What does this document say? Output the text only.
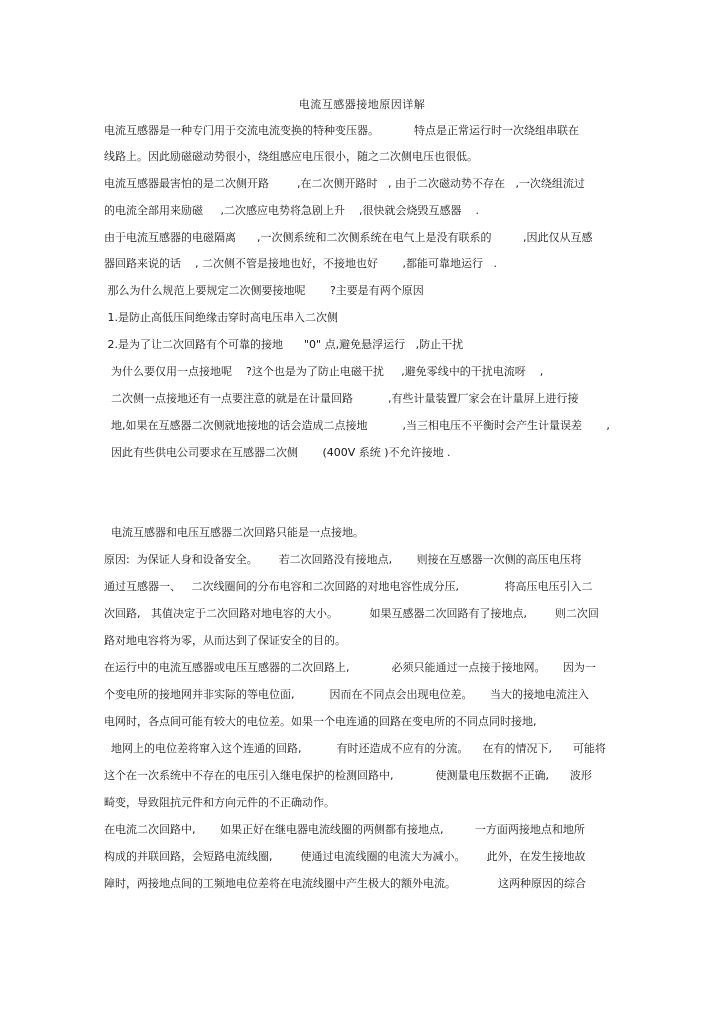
电流互感器接地原因详解
电流互感器是一种专门用于交流电流变换的特种变压器。          特点是正常运行时一次绕组串联在
线路上。因此励磁磁动势很小，绕组感应电压很小，随之二次侧电压也很低。
电流互感器最害怕的是二次侧开路        ,在二次侧开路时   , 由于二次磁动势不存在   ,一次绕组流过
的电流全部用来励磁     ,二次感应电势将急剧上升    ,很快就会烧毁互感器    .
由于电流互感器的电磁隔离      ,一次侧系统和二次侧系统在电气上是没有联系的         ,因此仅从互感
器回路来说的话    , 二次侧不管是接地也好，不接地也好       ,都能可靠地运行   .
那么为什么规范上要规定二次侧要接地呢       ?主要是有两个原因
1.是防止高低压间绝缘击穿时高电压串入二次侧
2.是为了让二次回路有个可靠的接地      "0" 点,避免悬浮运行   ,防止干扰
为什么要仅用一点接地呢    ?这个也是为了防止电磁干扰     ,避免零线中的干扰电流呀    ,
二次侧一点接地还有一点要注意的就是在计量回路          ,有些计量装置厂家会在计量屏上进行接
地,如果在互感器二次侧就地接地的话会造成二点接地          ,当三相电压不平衡时会产生计量误差       ,
因此有些供电公司要求在互感器二次侧       (400V 系统 )不允许接地 .
电流互感器和电压互感器二次回路只能是一点接地。
原因:  为保证人身和设备安全。      若二次回路没有接地点,       则接在互感器一次侧的高压电压将
通过互感器一、   二次线圈间的分布电容和二次回路的对地电容性成分压,             将高压电压引入二
次回路,   其值决定于二次回路对地电容的大小。         如果互感器二次回路有了接地点,        则二次回
路对地电容将为零，从而达到了保证安全的目的。
在运行中的电流互感器或电压互感器的二次回路上,            必须只能通过一点接于接地网。     因为一
个变电所的接地网并非实际的等电位面,          因而在不同点会出现电位差。     当大的接地电流注入
电网时，各点间可能有较大的电位差。如果一个电连通的回路在变电所的不同点同时接地,
地网上的电位差将窜入这个连通的回路,          有时还造成不应有的分流。    在有的情况下,      可能将
这个在一次系统中不存在的电压引入继电保护的检测回路中,            使测量电压数据不正确,      波形
畸变，导致阻抗元件和方向元件的不正确动作。
在电流二次回路中,       如果正好在继电器电流线圈的两侧都有接地点,         一方面两接地点和地所
构成的并联回路，会短路电流线圈,        使通过电流线圈的电流大为减小。      此外，在发生接地故
障时，两接地点间的工频地电位差将在电流线圈中产生极大的额外电流。            这两种原因的综合
